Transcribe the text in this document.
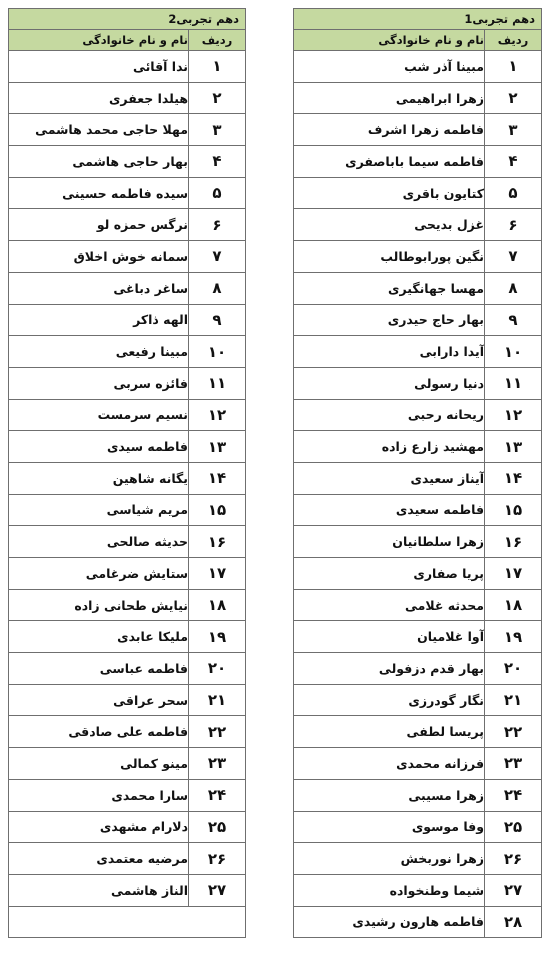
دهم تجربی1	
ردیف	نام و نام خانوادگی
۱	مبینا آذر شب
۲	زهرا ابراهیمی
۳	فاطمه زهرا اشرف
۴	فاطمه سیما باباصفری
۵	کتایون باقری
۶	غزل بدیحی
۷	نگین پورابوطالب
۸	مهسا جهانگیری
۹	بهار حاج حیدری
۱۰	آیدا دارابی
۱۱	دنیا رسولی
۱۲	ریحانه رحبی
۱۳	مهشید زارع زاده
۱۴	آیناز سعیدی
۱۵	فاطمه سعیدی
۱۶	زهرا سلطانیان
۱۷	پریا صفاری
۱۸	محدثه غلامی
۱۹	آوا غلامیان
۲۰	بهار قدم دزفولی
۲۱	نگار گودرزی
۲۲	پریسا لطفی
۲۳	فرزانه محمدی
۲۴	زهرا مسیبی
۲۵	وفا موسوی
۲۶	زهرا نوربخش
۲۷	شیما وطنخواده
۲۸	فاطمه هارون رشیدی
دهم تجربی2	
ردیف	نام و نام خانوادگی
۱	ندا آقائی
۲	هیلدا جعفری
۳	مهلا حاجی محمد هاشمی
۴	بهار حاجی هاشمی
۵	سیده فاطمه حسینی
۶	نرگس حمزه لو
۷	سمانه خوش اخلاق
۸	ساغر دباغی
۹	الهه ذاکر
۱۰	مبینا رفیعی
۱۱	فائزه سربی
۱۲	نسیم سرمست
۱۳	فاطمه سیدی
۱۴	یگانه شاهین
۱۵	مریم شیاسی
۱۶	حدیثه صالحی
۱۷	ستایش ضرغامی
۱۸	نیایش طحانی زاده
۱۹	ملیکا عابدی
۲۰	فاطمه عباسی
۲۱	سحر عراقی
۲۲	فاطمه علی صادقی
۲۳	مینو کمالی
۲۴	سارا محمدی
۲۵	دلارام مشهدی
۲۶	مرضیه معتمدی
۲۷	الناز هاشمی
